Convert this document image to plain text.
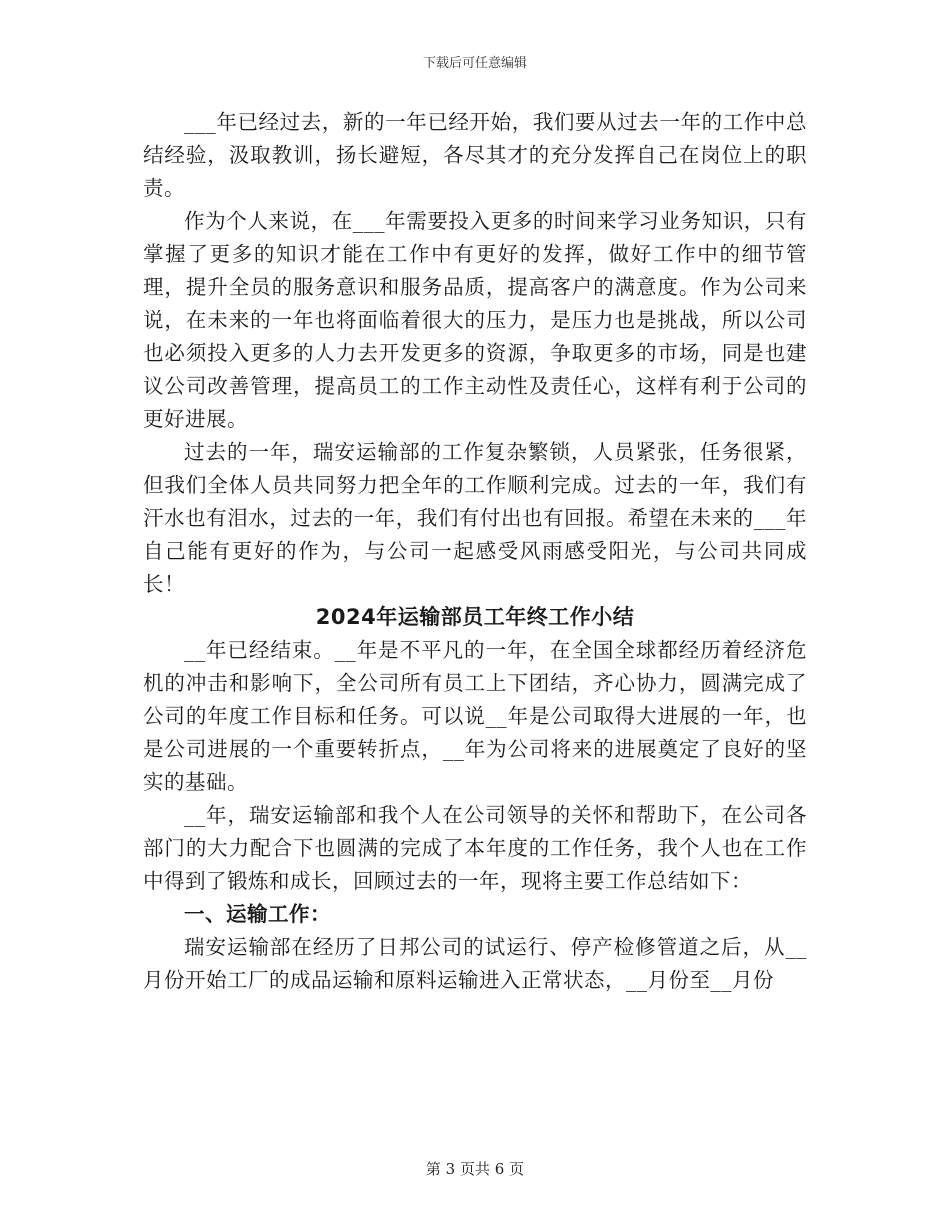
下载后可任意编辑

___年已经过去，新的一年已经开始，我们要从过去一年的工作中总结经验，汲取教训，扬长避短，各尽其才的充分发挥自己在岗位上的职责。

作为个人来说，在___年需要投入更多的时间来学习业务知识，只有掌握了更多的知识才能在工作中有更好的发挥，做好工作中的细节管理，提升全员的服务意识和服务品质，提高客户的满意度。作为公司来说，在未来的一年也将面临着很大的压力，是压力也是挑战，所以公司也必须投入更多的人力去开发更多的资源，争取更多的市场，同是也建议公司改善管理，提高员工的工作主动性及责任心，这样有利于公司的更好进展。

过去的一年，瑞安运输部的工作复杂繁锁，人员紧张，任务很紧，但我们全体人员共同努力把全年的工作顺利完成。过去的一年，我们有汗水也有泪水，过去的一年，我们有付出也有回报。希望在未来的___年自己能有更好的作为，与公司一起感受风雨感受阳光，与公司共同成长！

2024年运输部员工年终工作小结

__年已经结束。__年是不平凡的一年，在全国全球都经历着经济危机的冲击和影响下，全公司所有员工上下团结，齐心协力，圆满完成了公司的年度工作目标和任务。可以说__年是公司取得大进展的一年，也是公司进展的一个重要转折点，__年为公司将来的进展奠定了良好的坚实的基础。

__年，瑞安运输部和我个人在公司领导的关怀和帮助下，在公司各部门的大力配合下也圆满的完成了本年度的工作任务，我个人也在工作中得到了锻炼和成长，回顾过去的一年，现将主要工作总结如下：

一、运输工作：

瑞安运输部在经历了日邦公司的试运行、停产检修管道之后，从__月份开始工厂的成品运输和原料运输进入正常状态，__月份至__月份

第 3 页共 6 页
